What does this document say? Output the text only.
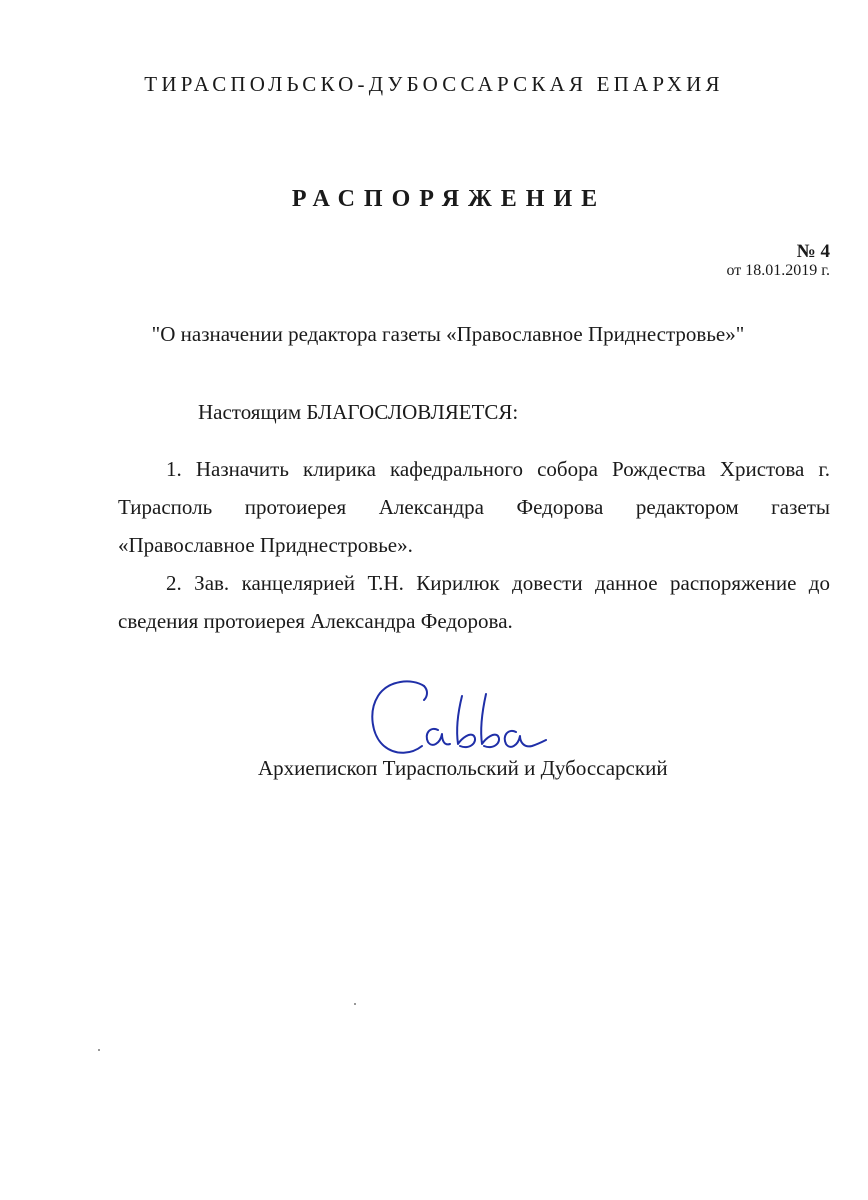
ТИРАСПОЛЬСКО-ДУБОССАРСКАЯ ЕПАРХИЯ
РАСПОРЯЖЕНИЕ
№ 4
от 18.01.2019 г.
"О назначении редактора газеты «Православное Приднестровье»"
Настоящим БЛАГОСЛОВЛЯЕТСЯ:

1. Назначить клирика кафедрального собора Рождества Христова г. Тирасполь протоиерея Александра Федорова редактором газеты «Православное Приднестровье».

2. Зав. канцелярией Т.Н. Кирилюк довести данное распоряжение до сведения протоиерея Александра Федорова.

Архиепископ Тираспольский и Дубоссарский
